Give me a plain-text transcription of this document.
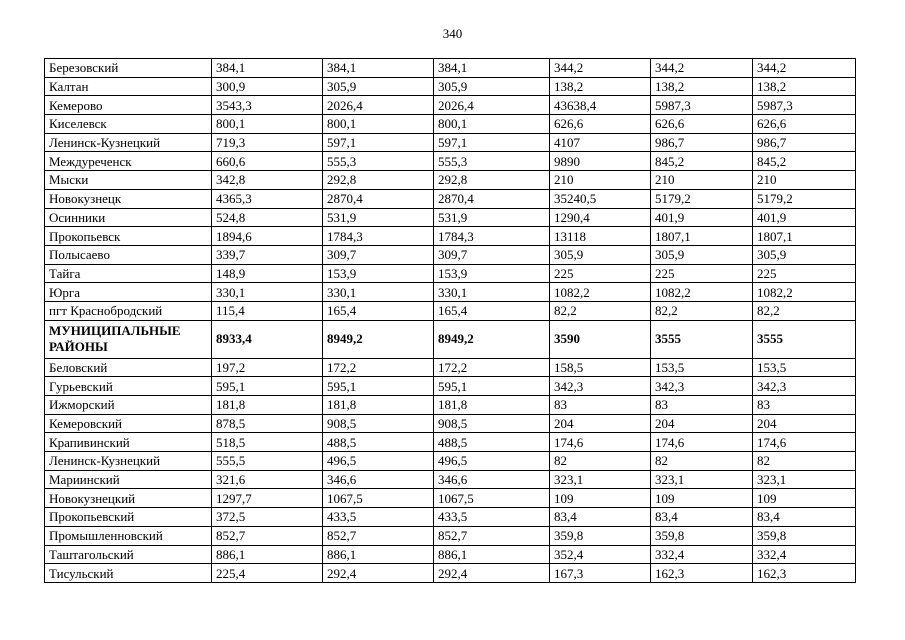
340
Березовский	384,1	384,1	384,1	344,2	344,2	344,2
Калтан	300,9	305,9	305,9	138,2	138,2	138,2
Кемерово	3543,3	2026,4	2026,4	43638,4	5987,3	5987,3
Киселевск	800,1	800,1	800,1	626,6	626,6	626,6
Ленинск-Кузнецкий	719,3	597,1	597,1	4107	986,7	986,7
Междуреченск	660,6	555,3	555,3	9890	845,2	845,2
Мыски	342,8	292,8	292,8	210	210	210
Новокузнецк	4365,3	2870,4	2870,4	35240,5	5179,2	5179,2
Осинники	524,8	531,9	531,9	1290,4	401,9	401,9
Прокопьевск	1894,6	1784,3	1784,3	13118	1807,1	1807,1
Полысаево	339,7	309,7	309,7	305,9	305,9	305,9
Тайга	148,9	153,9	153,9	225	225	225
Юрга	330,1	330,1	330,1	1082,2	1082,2	1082,2
пгт Краснобродский	115,4	165,4	165,4	82,2	82,2	82,2
МУНИЦИПАЛЬНЫЕ РАЙОНЫ	8933,4	8949,2	8949,2	3590	3555	3555
Беловский	197,2	172,2	172,2	158,5	153,5	153,5
Гурьевский	595,1	595,1	595,1	342,3	342,3	342,3
Ижморский	181,8	181,8	181,8	83	83	83
Кемеровский	878,5	908,5	908,5	204	204	204
Крапивинский	518,5	488,5	488,5	174,6	174,6	174,6
Ленинск-Кузнецкий	555,5	496,5	496,5	82	82	82
Мариинский	321,6	346,6	346,6	323,1	323,1	323,1
Новокузнецкий	1297,7	1067,5	1067,5	109	109	109
Прокопьевский	372,5	433,5	433,5	83,4	83,4	83,4
Промышленновский	852,7	852,7	852,7	359,8	359,8	359,8
Таштагольский	886,1	886,1	886,1	352,4	332,4	332,4
Тисульский	225,4	292,4	292,4	167,3	162,3	162,3
